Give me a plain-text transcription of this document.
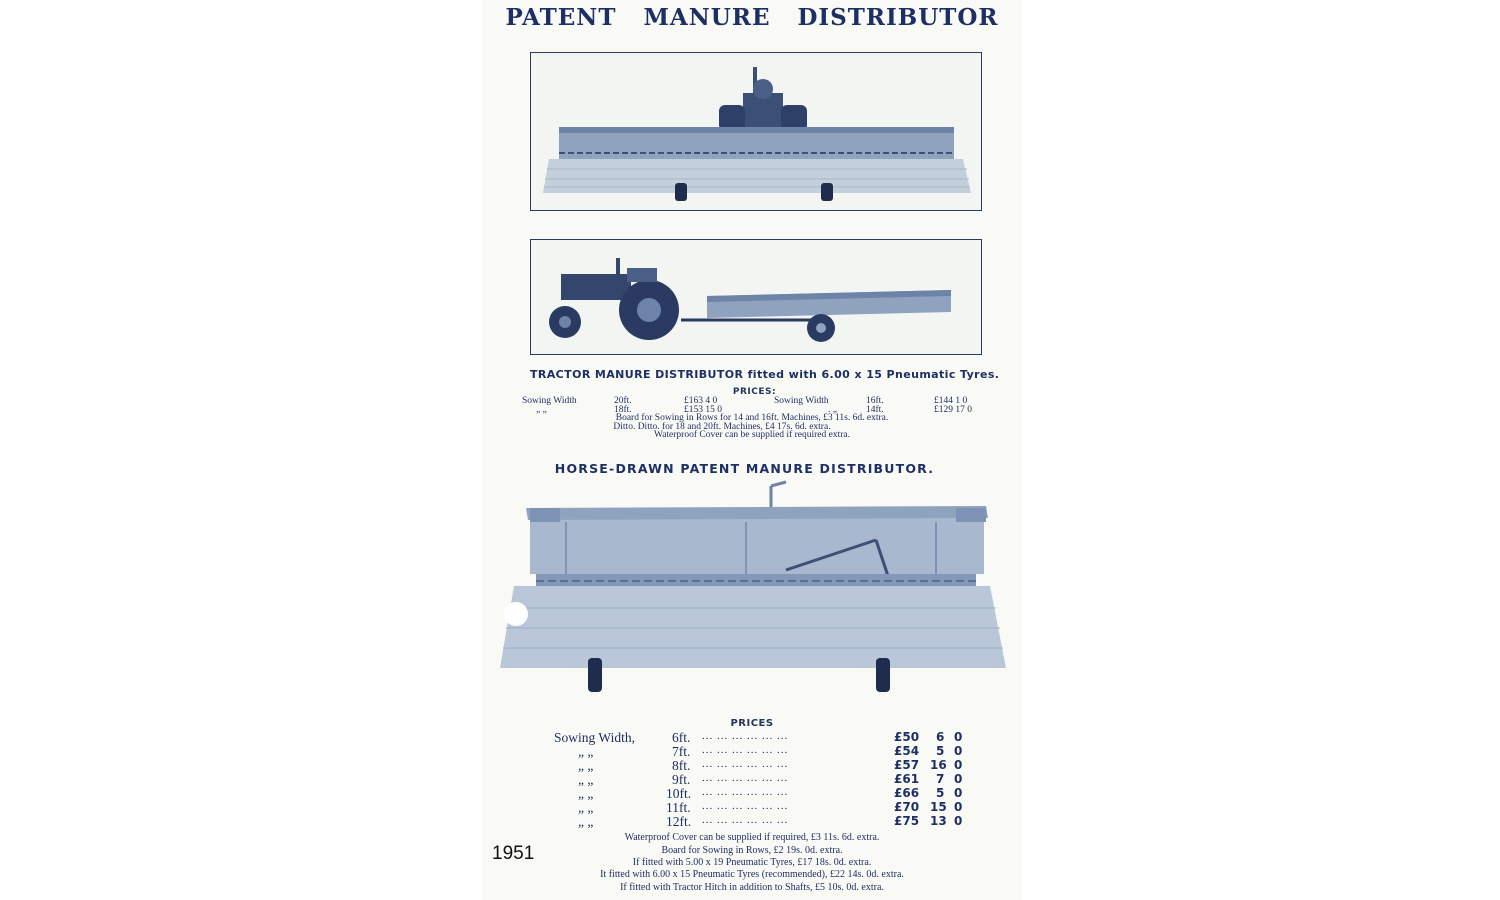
PATENT MANURE DISTRIBUTOR
TRACTOR MANURE DISTRIBUTOR fitted with 6.00 x 15 Pneumatic Tyres.
PRICES:
Sowing Width	20ft.	£163 4 0	Sowing Width	16ft.	£144 1 0
„ „	18ft.	£153 15 0	. „	14ft.	£129 17 0
Board for Sowing in Rows for 14 and 16ft. Machines, £3 11s. 6d. extra.
Ditto. Ditto. for 18 and 20ft. Machines, £4 17s. 6d. extra.
Waterproof Cover can be supplied if required extra.
HORSE-DRAWN PATENT MANURE DISTRIBUTOR.
PRICES
Sowing Width,	6ft. ... ... ... ... ... ...	£50 6 0
„ „	7ft. ... ... ... ... ... ...	£54 5 0
„ „	8ft. ... ... ... ... ... ...	£57 16 0
„ „	9ft. ... ... ... ... ... ...	£61 7 0
„ „	10ft. ... ... ... ... ... ...	£66 5 0
„ „	11ft. ... ... ... ... ... ...	£70 15 0
„ „	12ft. ... ... ... ... ... ...	£75 13 0
Waterproof Cover can be supplied if required, £3 11s. 6d. extra.
Board for Sowing in Rows, £2 19s. 0d. extra.
If fitted with 5.00 x 19 Pneumatic Tyres, £17 18s. 0d. extra.
It fitted with 6.00 x 15 Pneumatic Tyres (recommended), £22 14s. 0d. extra.
If fitted with Tractor Hitch in addition to Shafts, £5 10s. 0d. extra.
1951
